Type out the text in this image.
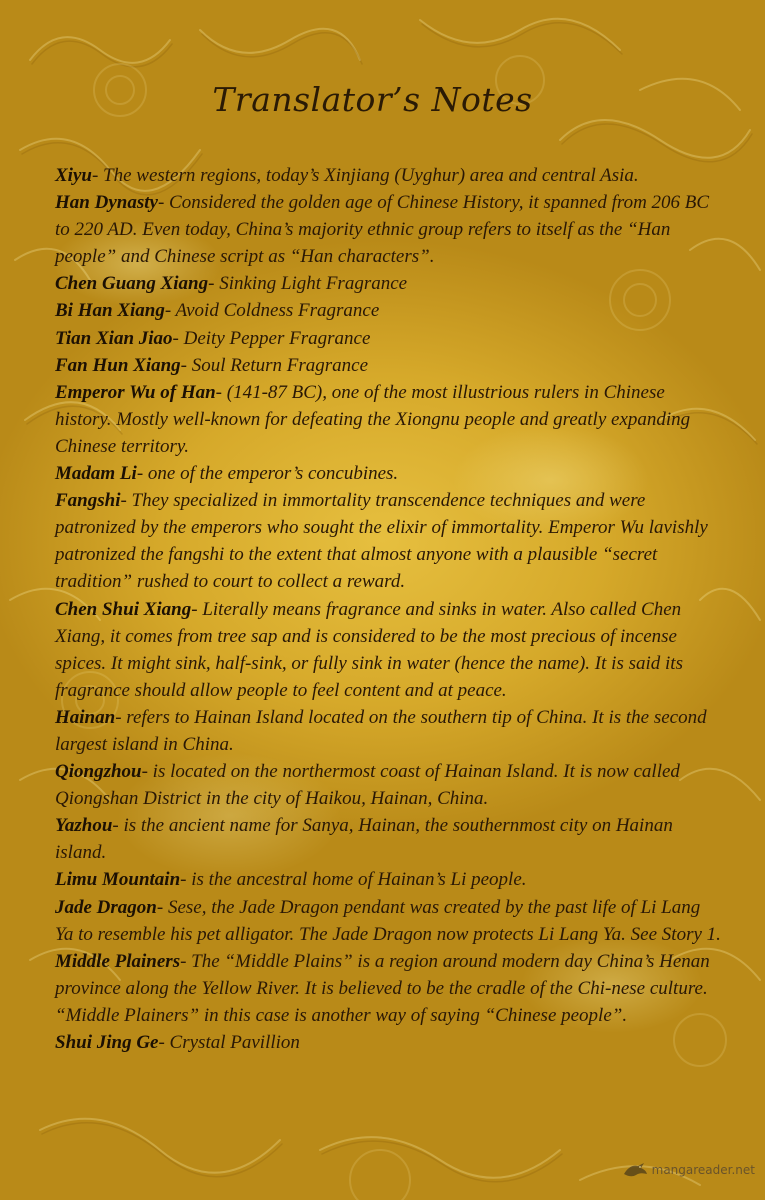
Translator’s Notes

Xiyu- The western regions, today’s Xinjiang (Uyghur) area and central Asia.

Han Dynasty- Considered the golden age of Chinese History, it spanned from 206 BC to 220 AD. Even today, China’s majority ethnic group refers to itself as the “Han people” and Chinese script as “Han characters”.

Chen Guang Xiang- Sinking Light Fragrance

Bi Han Xiang- Avoid Coldness Fragrance

Tian Xian Jiao- Deity Pepper Fragrance

Fan Hun Xiang- Soul Return Fragrance

Emperor Wu of Han- (141-87 BC), one of the most illustrious rulers in Chinese history. Mostly well-known for defeating the Xiongnu people and greatly expanding Chinese territory.

Madam Li- one of the emperor’s concubines.

Fangshi- They specialized in immortality transcendence techniques and were patronized by the emperors who sought the elixir of immortality. Emperor Wu lavishly patronized the fangshi to the extent that almost anyone with a plausible “secret tradition” rushed to court to collect a reward.

Chen Shui Xiang- Literally means fragrance and sinks in water. Also called Chen Xiang, it comes from tree sap and is considered to be the most precious of incense spices. It might sink, half-sink, or fully sink in water (hence the name). It is said its fragrance should allow people to feel content and at peace.

Hainan- refers to Hainan Island located on the southern tip of China. It is the second largest island in China.

Qiongzhou- is located on the northermost coast of Hainan Island. It is now called Qiongshan District in the city of Haikou, Hainan, China.

Yazhou- is the ancient name for Sanya, Hainan, the southernmost city on Hainan island.

Limu Mountain- is the ancestral home of Hainan’s Li people.

Jade Dragon- Sese, the Jade Dragon pendant was created by the past life of Li Lang Ya to resemble his pet alligator. The Jade Dragon now protects Li Lang Ya. See Story 1.

Middle Plainers- The “Middle Plains” is a region around modern day China’s Henan province along the Yellow River. It is believed to be the cradle of the Chi-nese culture. “Middle Plainers” in this case is another way of saying “Chinese people”.

Shui Jing Ge- Crystal Pavillion

mangareader.net
